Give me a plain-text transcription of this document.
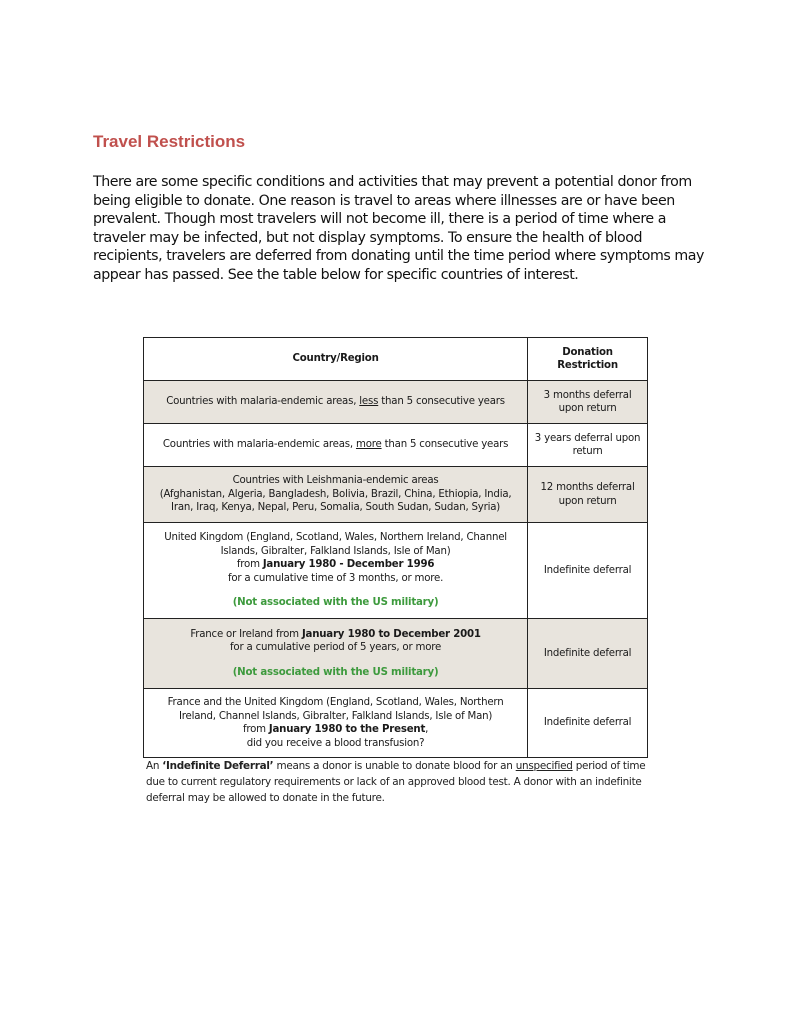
Travel Restrictions

There are some specific conditions and activities that may prevent a potential donor from being eligible to donate. One reason is travel to areas where illnesses are or have been prevalent. Though most travelers will not become ill, there is a period of time where a traveler may be infected, but not display symptoms. To ensure the health of blood recipients, travelers are deferred from donating until the time period where symptoms may appear has passed. See the table below for specific countries of interest.

Country/Region	Donation Restriction
Countries with malaria-endemic areas, less than 5 consecutive years	3 months deferral upon return
Countries with malaria-endemic areas, more than 5 consecutive years	3 years deferral upon return
Countries with Leishmania-endemic areas
(Afghanistan, Algeria, Bangladesh, Bolivia, Brazil, China, Ethiopia, India, Iran, Iraq, Kenya, Nepal, Peru, Somalia, South Sudan, Sudan, Syria)	12 months deferral upon return
United Kingdom (England, Scotland, Wales, Northern Ireland, Channel Islands, Gibralter, Falkland Islands, Isle of Man)
from January 1980 - December 1996
for a cumulative time of 3 months, or more.
(Not associated with the US military)	Indefinite deferral
France or Ireland from January 1980 to December 2001
for a cumulative period of 5 years, or more
(Not associated with the US military)	Indefinite deferral
France and the United Kingdom (England, Scotland, Wales, Northern Ireland, Channel Islands, Gibralter, Falkland Islands, Isle of Man)
from January 1980 to the Present,
did you receive a blood transfusion?	Indefinite deferral

An ‘Indefinite Deferral’ means a donor is unable to donate blood for an unspecified period of time due to current regulatory requirements or lack of an approved blood test. A donor with an indefinite deferral may be allowed to donate in the future.
